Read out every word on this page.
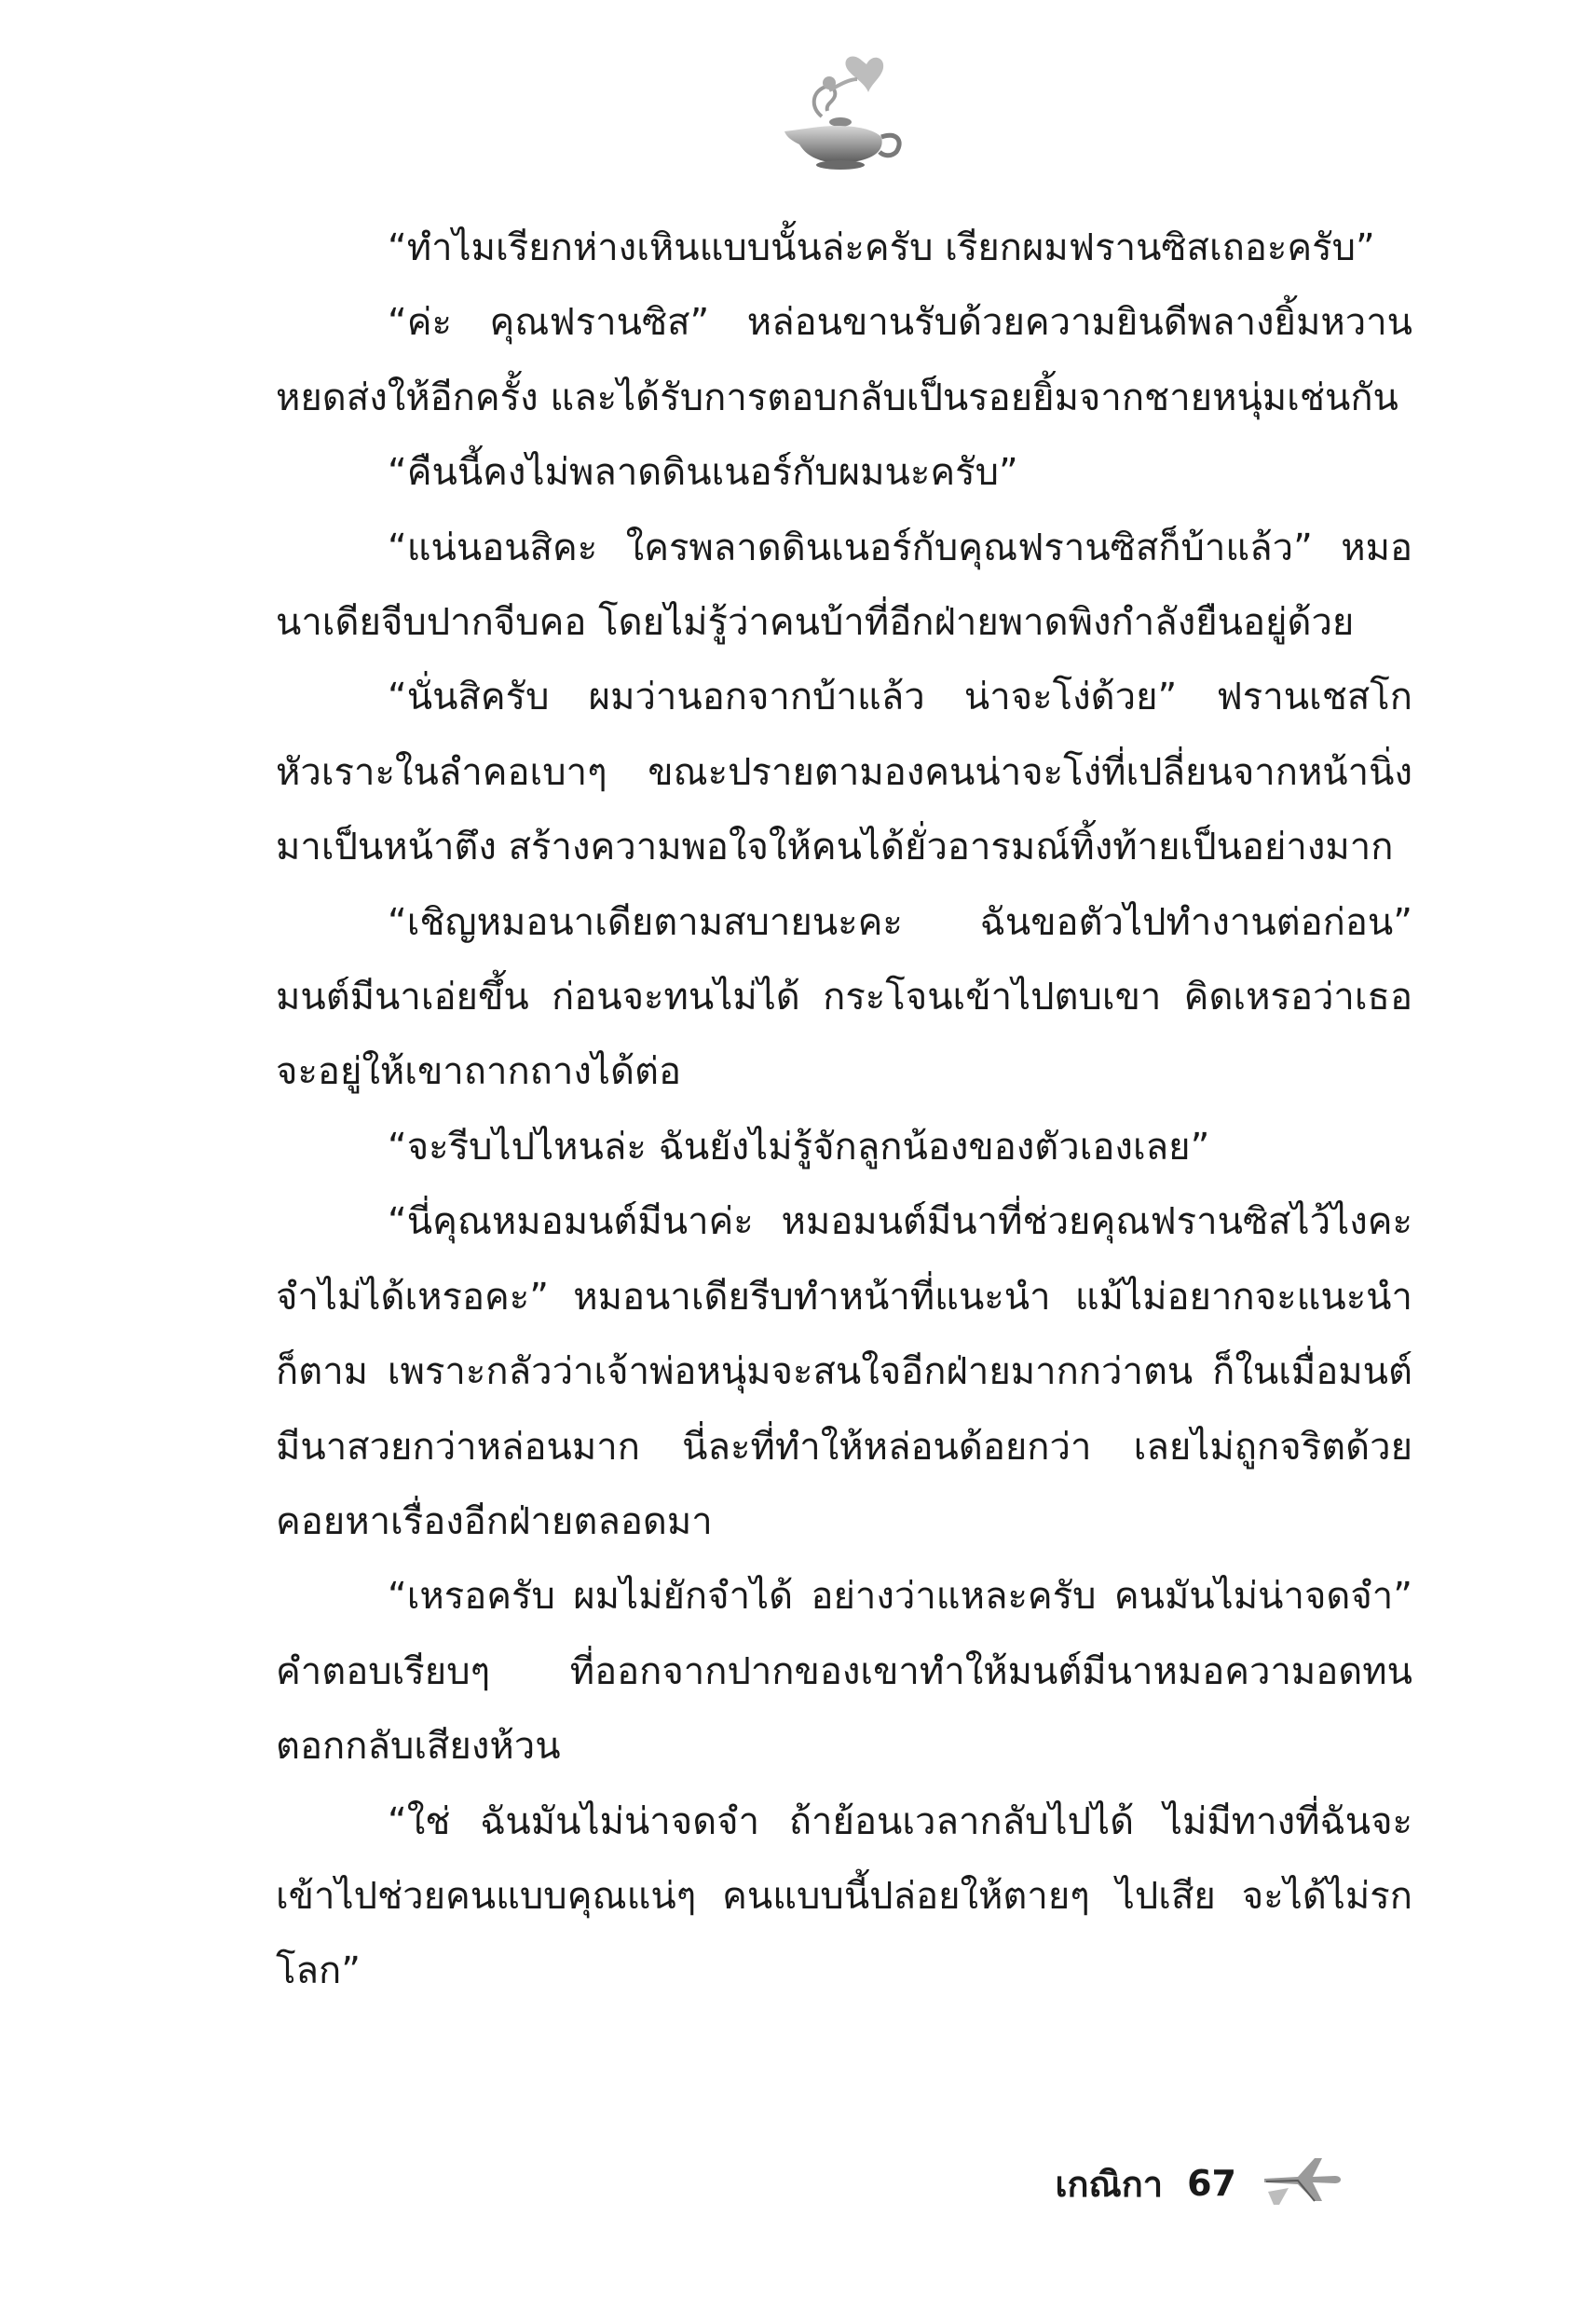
“ทำไมเรียกห่างเหินแบบนั้นล่ะครับ เรียกผมฟรานซิสเถอะครับ”

“ค่ะ คุณฟรานซิส” หล่อนขานรับด้วยความยินดีพลางยิ้มหวานหยดส่งให้อีกครั้ง และได้รับการตอบกลับเป็นรอยยิ้มจากชายหนุ่มเช่นกัน

“คืนนี้คงไม่พลาดดินเนอร์กับผมนะครับ”

“แน่นอนสิคะ ใครพลาดดินเนอร์กับคุณฟรานซิสก็บ้าแล้ว” หมอนาเดียจีบปากจีบคอ โดยไม่รู้ว่าคนบ้าที่อีกฝ่ายพาดพิงกำลังยืนอยู่ด้วย

“นั่นสิครับ ผมว่านอกจากบ้าแล้ว น่าจะโง่ด้วย” ฟรานเชสโกหัวเราะในลำคอเบาๆ ขณะปรายตามองคนน่าจะโง่ที่เปลี่ยนจากหน้านิ่งมาเป็นหน้าตึง สร้างความพอใจให้คนได้ยั่วอารมณ์ทิ้งท้ายเป็นอย่างมาก

“เชิญหมอนาเดียตามสบายนะคะ ฉันขอตัวไปทำงานต่อก่อน” มนต์มีนาเอ่ยขึ้น ก่อนจะทนไม่ได้ กระโจนเข้าไปตบเขา คิดเหรอว่าเธอจะอยู่ให้เขาถากถางได้ต่อ

“จะรีบไปไหนล่ะ ฉันยังไม่รู้จักลูกน้องของตัวเองเลย”

“นี่คุณหมอมนต์มีนาค่ะ หมอมนต์มีนาที่ช่วยคุณฟรานซิสไว้ไงคะ จำไม่ได้เหรอคะ” หมอนาเดียรีบทำหน้าที่แนะนำ แม้ไม่อยากจะแนะนำก็ตาม เพราะกลัวว่าเจ้าพ่อหนุ่มจะสนใจอีกฝ่ายมากกว่าตน ก็ในเมื่อมนต์มีนาสวยกว่าหล่อนมาก นี่ละที่ทำให้หล่อนด้อยกว่า เลยไม่ถูกจริตด้วย คอยหาเรื่องอีกฝ่ายตลอดมา

“เหรอครับ ผมไม่ยักจำได้ อย่างว่าแหละครับ คนมันไม่น่าจดจำ” คำตอบเรียบๆ ที่ออกจากปากของเขาทำให้มนต์มีนาหมอความอดทนตอกกลับเสียงห้วน

“ใช่ ฉันมันไม่น่าจดจำ ถ้าย้อนเวลากลับไปได้ ไม่มีทางที่ฉันจะเข้าไปช่วยคนแบบคุณแน่ๆ คนแบบนี้ปล่อยให้ตายๆ ไปเสีย จะได้ไม่รกโลก”

เกณิกา 67
